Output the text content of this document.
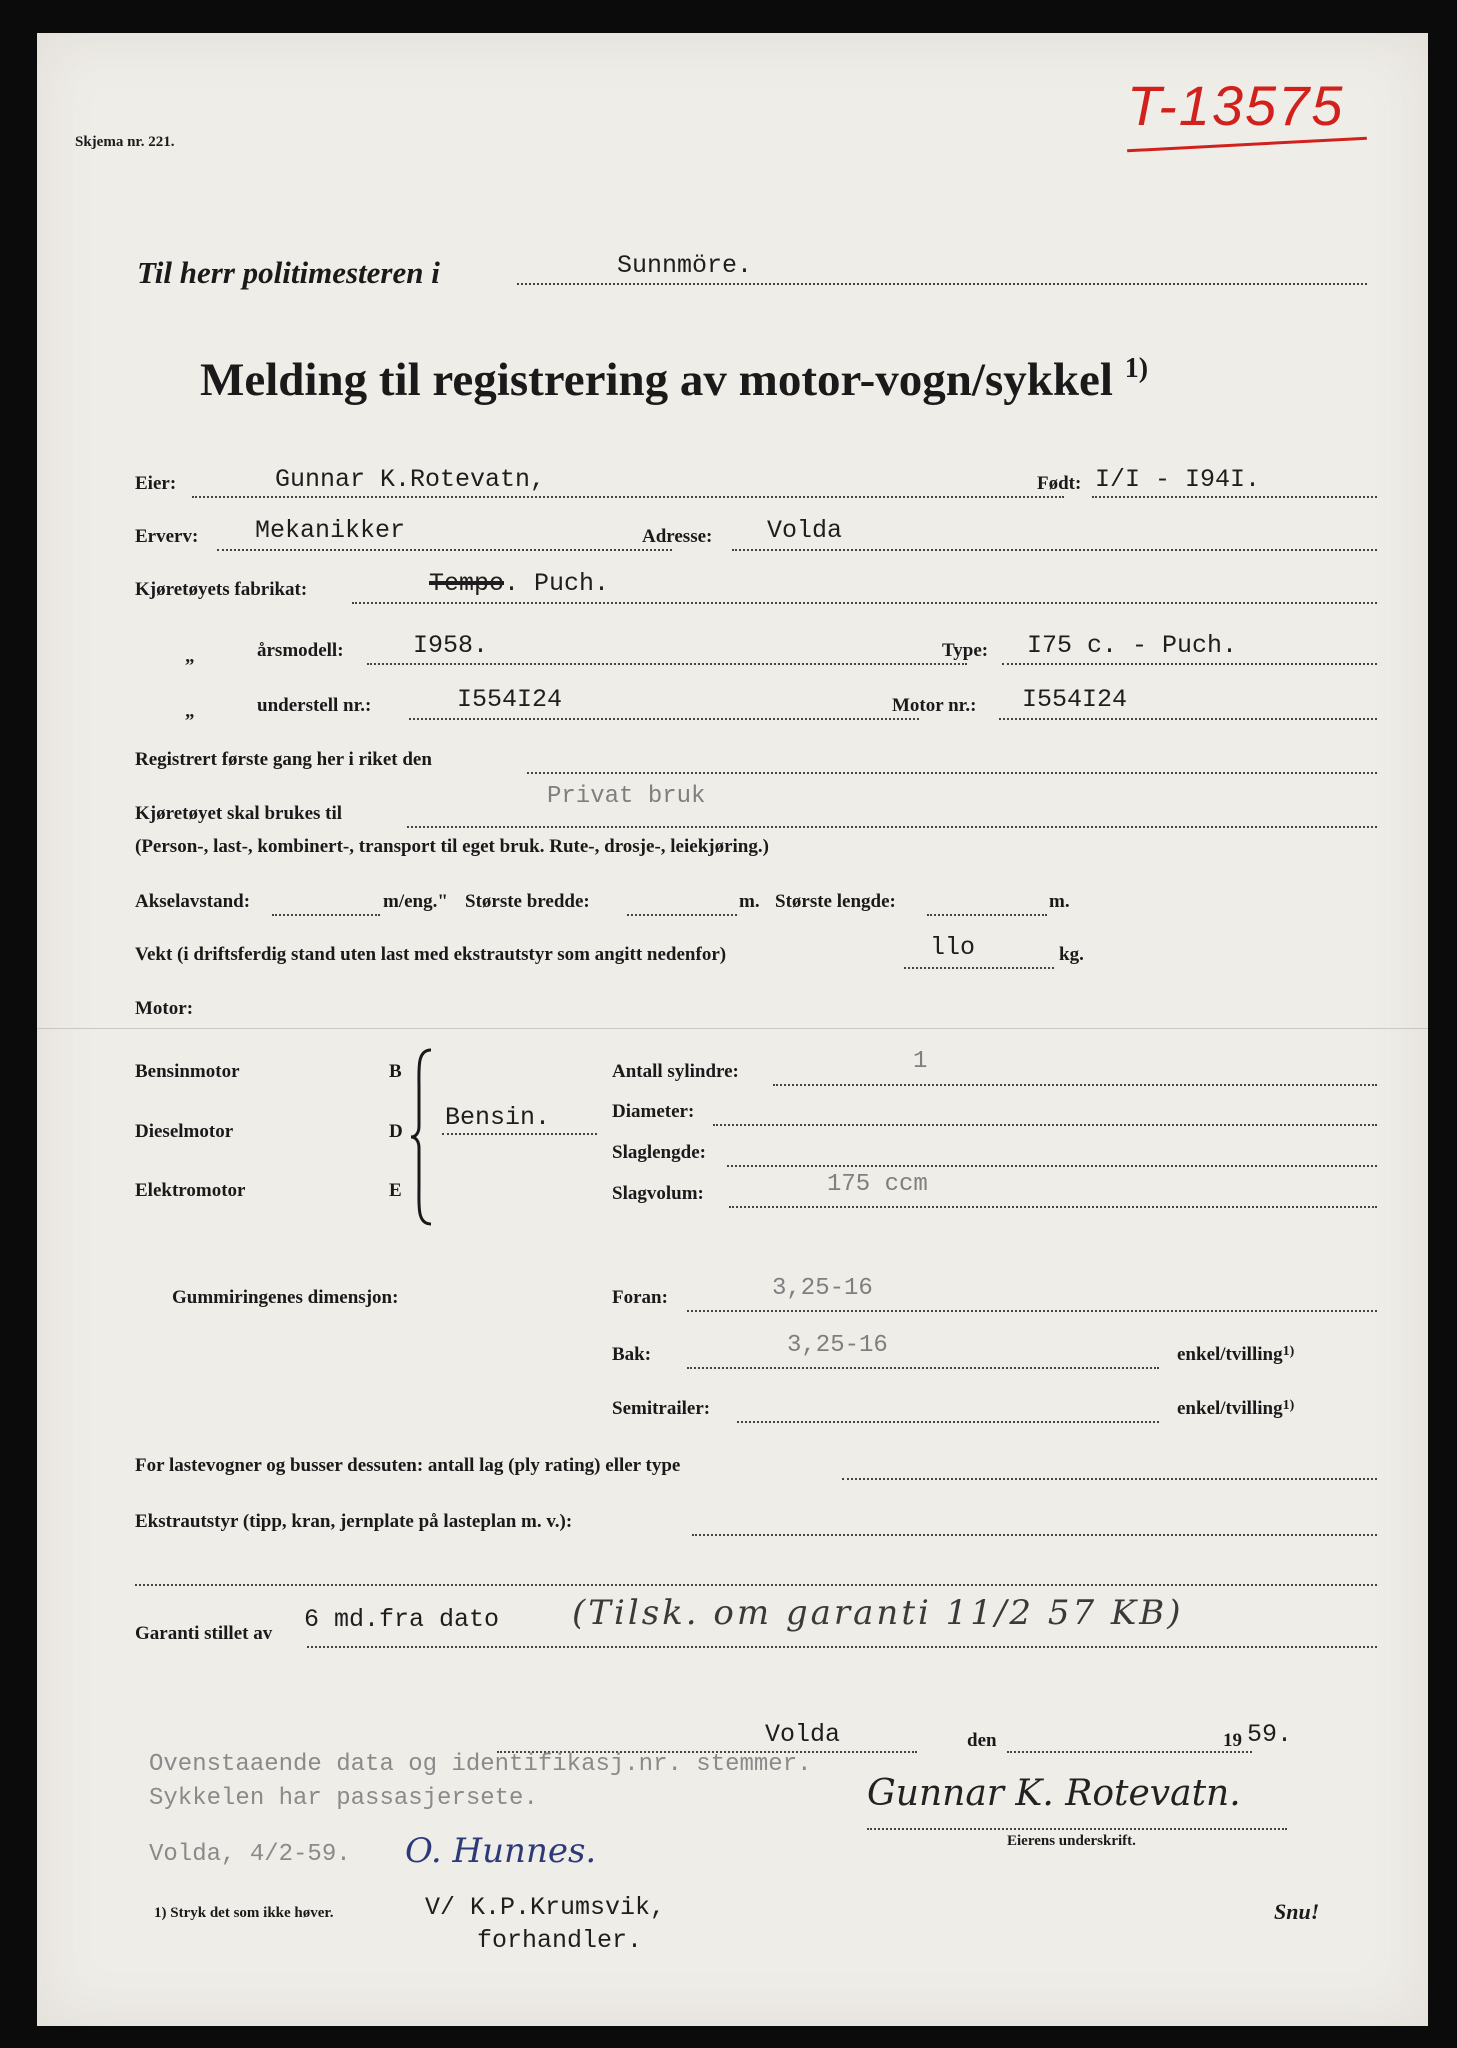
Skjema nr. 221.
T-13575
Til herr politimesteren i	Sunnmöre.
Melding til registrering av motor-vogn/sykkel $^{1)}$
Eier:	Gunnar K.Rotevatn,	Født: I/I - I94I.
Erverv: Mekanikker	Adresse: Volda
Kjøretøyets fabrikat:	Tempo. Puch.
„	årsmodell:	I958.	Type: I75 c. - Puch.
„	understell nr.:	I554I24	Motor nr.: I554I24
Registrert første gang her i riket den
Kjøretøyet skal brukes til
Privat bruk
(Person-, last-, kombinert-, transport til eget bruk. Rute-, drosje-, leiekjøring.)
Akselavstand:	m/eng." Største bredde:	m. Største lengde:	m.
Vekt (i driftsferdig stand uten last med ekstrautstyr som angitt nedenfor)	llo	kg.
Motor:
Bensinmotor	B
Dieselmotor	D
Elektromotor	E
Bensin.
Antall sylindre:	1
Diameter:
Slaglengde:
Slagvolum:	175 ccm
Gummiringenes dimensjon:	Foran:	3,25-16
Bak:	3,25-16	enkel/tvilling$^{1)}$
Semitrailer:	enkel/tvilling$^{1)}$
For lastevogner og busser dessuten: antall lag (ply rating) eller type
Ekstrautstyr (tipp, kran, jernplate på lasteplan m. v.):
Garanti stillet av 6 md.fra dato (Tilsk. om garanti 11/2 57 KB)
Volda	den	19 59.
Ovenstaaende data og identifikasj.nr. stemmer.
Sykkelen har passasjersete.	Gunnar K. Rotevatn.
Eierens underskrift.
Volda, 4/2-59. O. Hunnes.
1) Stryk det som ikke høver.	V/ K.P.Krumsvik,
forhandler.
Snu!
